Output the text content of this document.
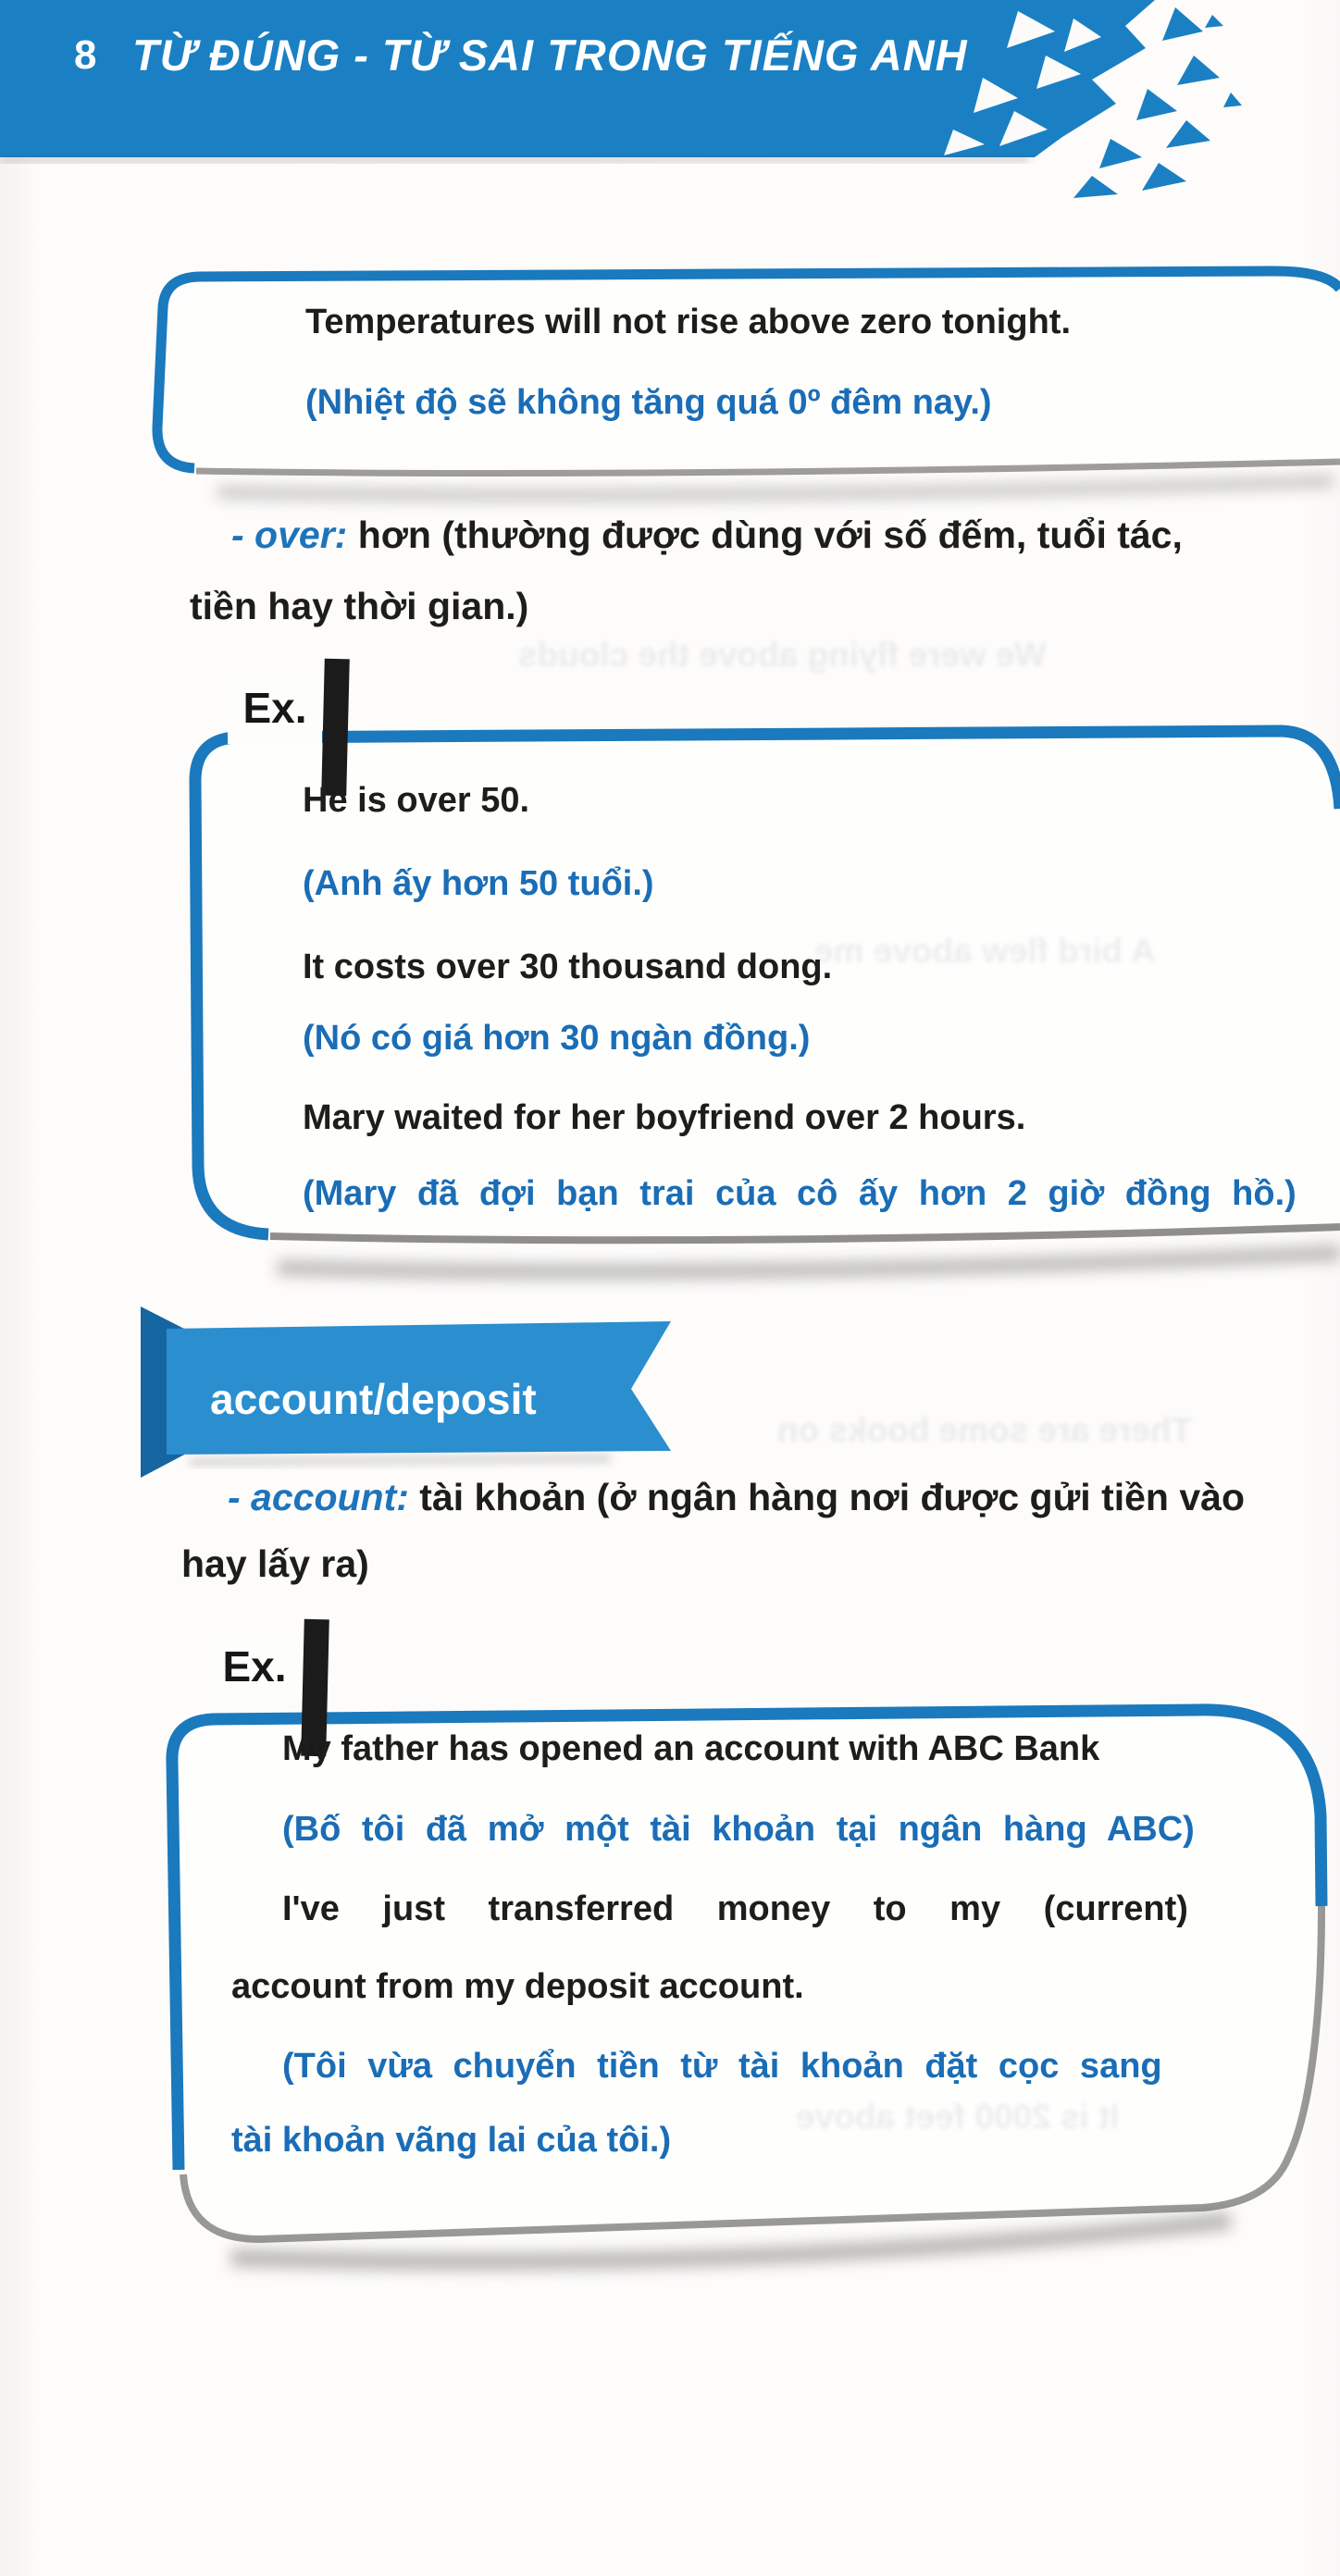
We were flying above the clouds
A bird flew above me
There are some books on
It is 2000 feet above
8 TỪ ĐÚNG - TỪ SAI TRONG TIẾNG ANH
Temperatures will not rise above zero tonight.
(Nhiệt độ sẽ không tăng quá 0º đêm nay.)
- over: hơn (thường được dùng với số đếm, tuổi tác,
tiền hay thời gian.)
Ex.
He is over 50.
(Anh ấy hơn 50 tuổi.)
It costs over 30 thousand dong.
(Nó có giá hơn 30 ngàn đồng.)
Mary waited for her boyfriend over 2 hours.
(Mary đã đợi bạn trai của cô ấy hơn 2 giờ đồng hồ.)
account/deposit
- account: tài khoản (ở ngân hàng nơi được gửi tiền vào
hay lấy ra)
Ex.
My father has opened an account with ABC Bank
(Bố tôi đã mở một tài khoản tại ngân hàng ABC)
I've just transferred money to my (current)
account from my deposit account.
(Tôi vừa chuyển tiền từ tài khoản đặt cọc sang
tài khoản vãng lai của tôi.)
